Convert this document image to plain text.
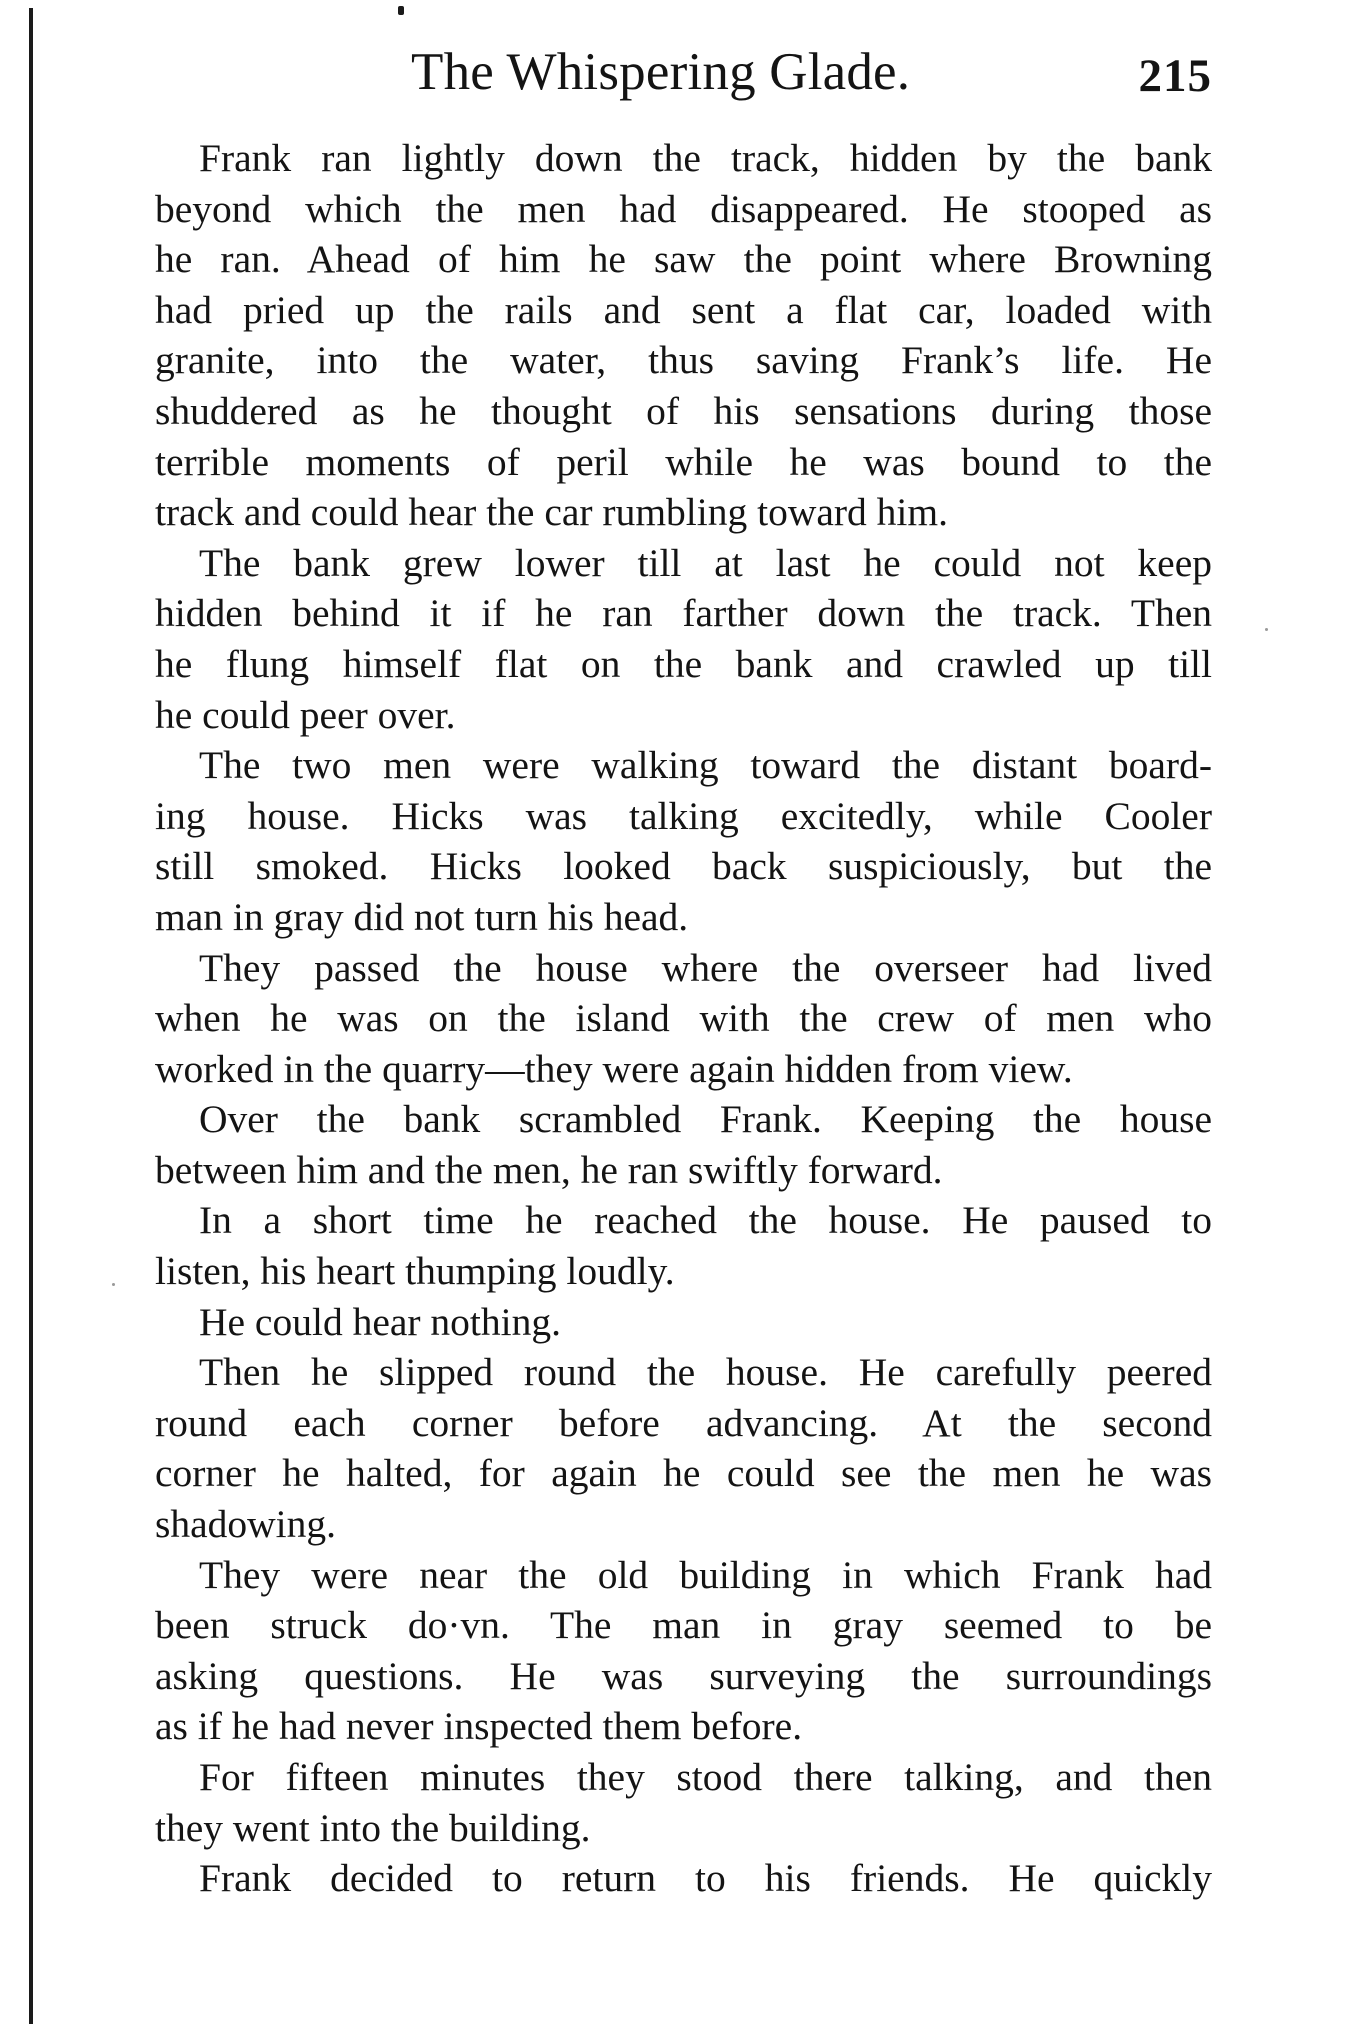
The Whispering Glade.	215
Frank ran lightly down the track, hidden by the bank
beyond which the men had disappeared. He stooped as
he ran. Ahead of him he saw the point where Browning
had pried up the rails and sent a flat car, loaded with
granite, into the water, thus saving Frank’s life. He
shuddered as he thought of his sensations during those
terrible moments of peril while he was bound to the
track and could hear the car rumbling toward him.
The bank grew lower till at last he could not keep
hidden behind it if he ran farther down the track. Then
he flung himself flat on the bank and crawled up till
he could peer over.
The two men were walking toward the distant board-
ing house. Hicks was talking excitedly, while Cooler
still smoked. Hicks looked back suspiciously, but the
man in gray did not turn his head.
They passed the house where the overseer had lived
when he was on the island with the crew of men who
worked in the quarry—they were again hidden from view.
Over the bank scrambled Frank. Keeping the house
between him and the men, he ran swiftly forward.
In a short time he reached the house. He paused to
listen, his heart thumping loudly.
He could hear nothing.
Then he slipped round the house. He carefully peered
round each corner before advancing. At the second
corner he halted, for again he could see the men he was
shadowing.
They were near the old building in which Frank had
been struck do·vn. The man in gray seemed to be
asking questions. He was surveying the surroundings
as if he had never inspected them before.
For fifteen minutes they stood there talking, and then
they went into the building.
Frank decided to return to his friends. He quickly
